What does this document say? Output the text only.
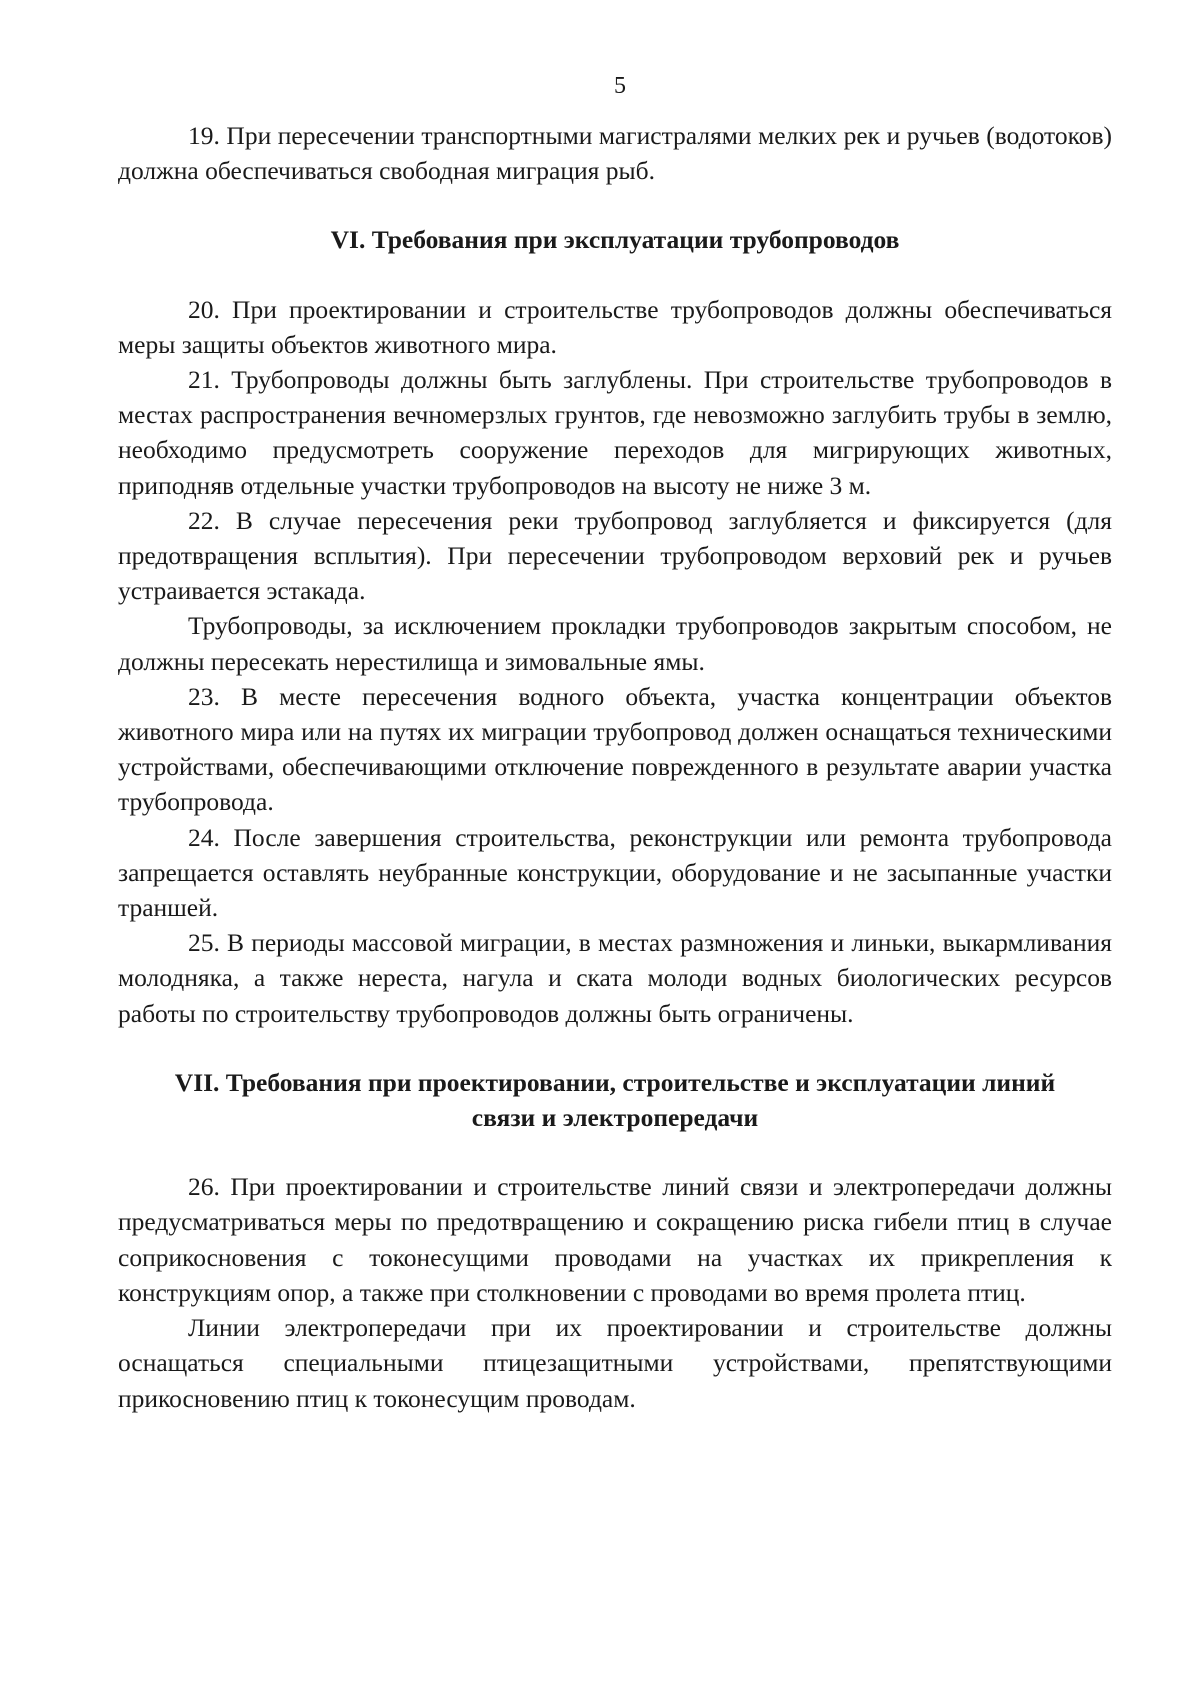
5

19. При пересечении транспортными магистралями мелких рек и ручьев (водотоков) должна обеспечиваться свободная миграция рыб.

VI. Требования при эксплуатации трубопроводов

20. При проектировании и строительстве трубопроводов должны обеспечиваться меры защиты объектов животного мира.

21. Трубопроводы должны быть заглублены. При строительстве трубопроводов в местах распространения вечномерзлых грунтов, где невозможно заглубить трубы в землю, необходимо предусмотреть сооружение переходов для мигрирующих животных, приподняв отдельные участки трубопроводов на высоту не ниже 3 м.

22. В случае пересечения реки трубопровод заглубляется и фиксируется (для предотвращения всплытия). При пересечении трубопроводом верховий рек и ручьев устраивается эстакада.

Трубопроводы, за исключением прокладки трубопроводов закрытым способом, не должны пересекать нерестилища и зимовальные ямы.

23. В месте пересечения водного объекта, участка концентрации объектов животного мира или на путях их миграции трубопровод должен оснащаться техническими устройствами, обеспечивающими отключение поврежденного в результате аварии участка трубопровода.

24. После завершения строительства, реконструкции или ремонта трубопровода запрещается оставлять неубранные конструкции, оборудование и не засыпанные участки траншей.

25. В периоды массовой миграции, в местах размножения и линьки, выкармливания молодняка, а также нереста, нагула и ската молоди водных биологических ресурсов работы по строительству трубопроводов должны быть ограничены.

VII. Требования при проектировании, строительстве и эксплуатации линий
связи и электропередачи

26. При проектировании и строительстве линий связи и электропередачи должны предусматриваться меры по предотвращению и сокращению риска гибели птиц в случае соприкосновения с токонесущими проводами на участках их прикрепления к конструкциям опор, а также при столкновении с проводами во время пролета птиц.

Линии электропередачи при их проектировании и строительстве должны оснащаться специальными птицезащитными устройствами, препятствующими прикосновению птиц к токонесущим проводам.
